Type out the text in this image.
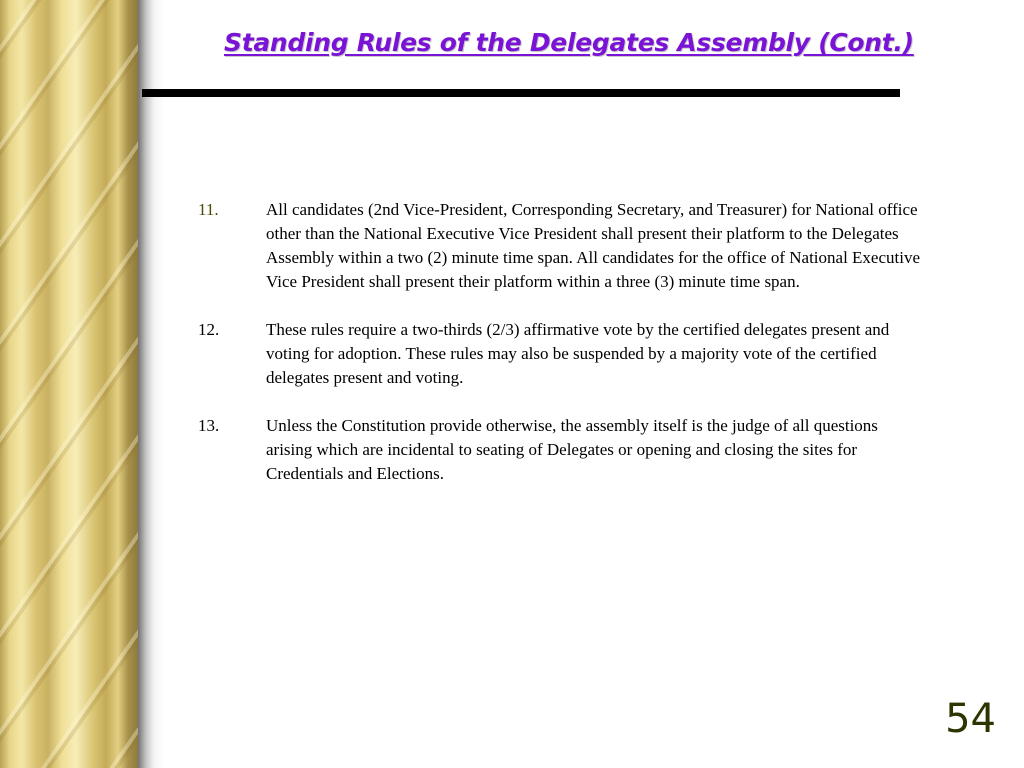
Standing Rules of the Delegates Assembly (Cont.)
11.	All candidates (2nd Vice-President, Corresponding Secretary, and Treasurer) for National office other than the National Executive Vice President shall present their platform to the Delegates Assembly within a two (2) minute time span. All candidates for the office of National Executive Vice President shall present their platform within a three (3) minute time span.
12.	These rules require a two-thirds (2/3) affirmative vote by the certified delegates present and voting for adoption. These rules may also be suspended by a majority vote of the certified delegates present and voting.
13.	Unless the Constitution provide otherwise, the assembly itself is the judge of all questions arising which are incidental to seating of Delegates or opening and closing the sites for Credentials and Elections.
54
